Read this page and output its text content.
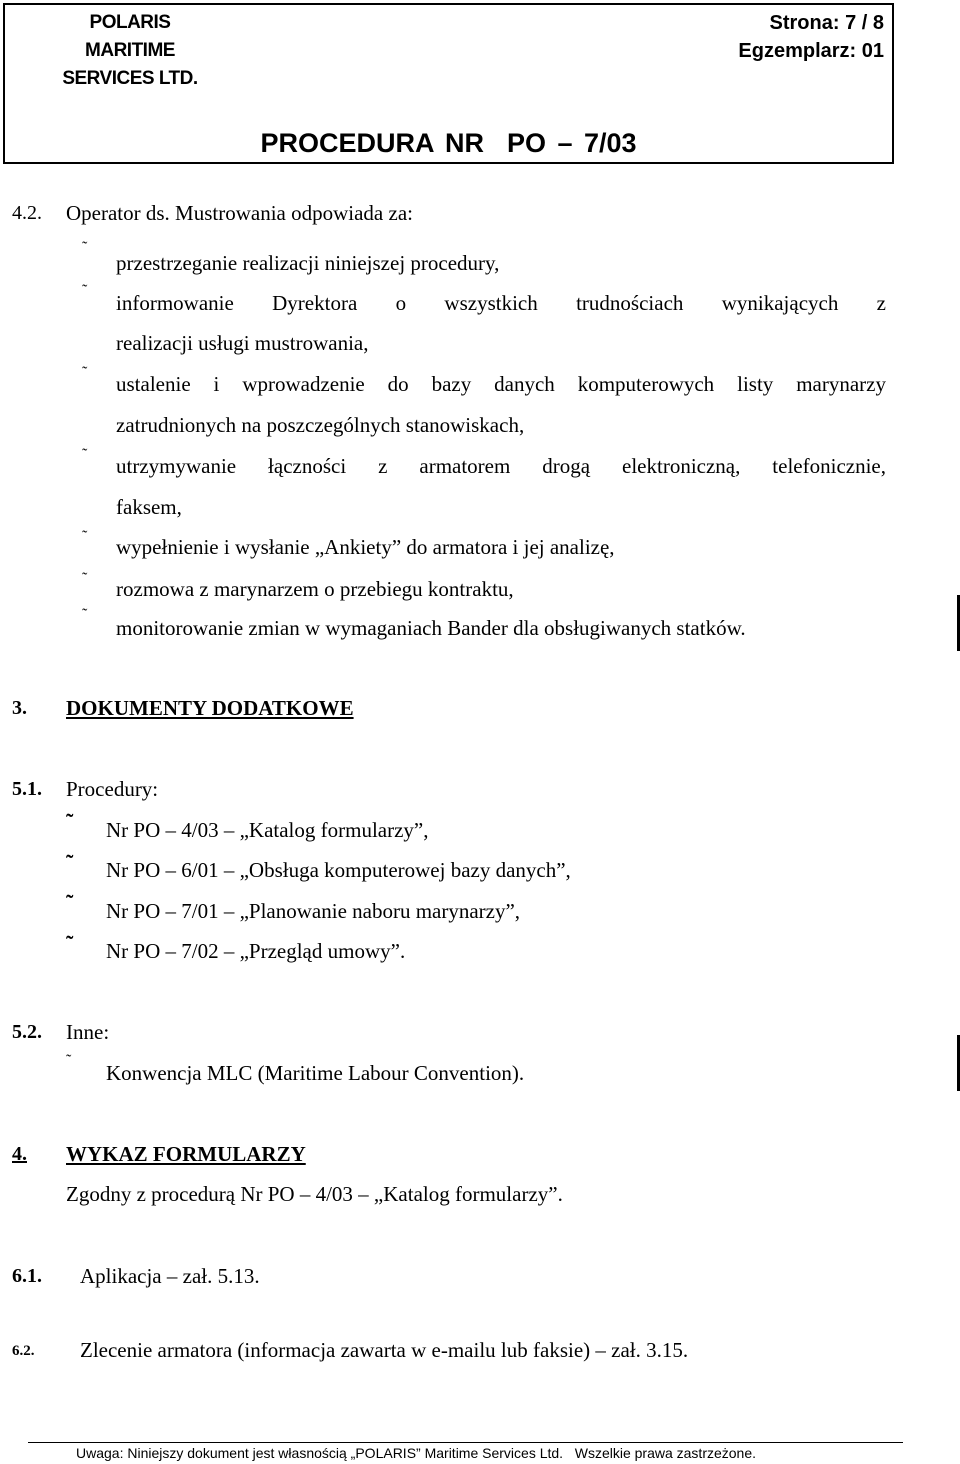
POLARIS
MARITIME
SERVICES LTD.
Strona: 7 / 8
Egzemplarz: 01
PROCEDURA NR  PO – 7/03
4.2. Operator ds. Mustrowania odpowiada za:
˜
przestrzeganie realizacji niniejszej procedury,
˜
informowanie Dyrektora o wszystkich trudnościach wynikających z
realizacji usługi mustrowania,
˜ ustalenie i wprowadzenie do bazy danych komputerowych listy marynarzy
zatrudnionych na poszczególnych stanowiskach,
˜ utrzymywanie łączności z armatorem drogą elektroniczną, telefonicznie,
faksem,
˜ wypełnienie i wysłanie „Ankiety” do armatora i jej analizę,
˜ rozmowa z marynarzem o przebiegu kontraktu,
˜
monitorowanie zmian w wymaganiach Bander dla obsługiwanych statków.
3. DOKUMENTY DODATKOWE
5.1. Procedury:
˜ Nr PO – 4/03 – „Katalog formularzy”,
˜ Nr PO – 6/01 – „Obsługa komputerowej bazy danych”,
˜ Nr PO – 7/01 – „Planowanie naboru marynarzy”,
˜ Nr PO – 7/02 – „Przegląd umowy”.
5.2. Inne:
˜
Konwencja MLC (Maritime Labour Convention).
4. WYKAZ FORMULARZY
Zgodny z procedurą Nr PO – 4/03 – „Katalog formularzy”.
6.1. Aplikacja – zał. 5.13.
6.2. Zlecenie armatora (informacja zawarta w e-mailu lub faksie) – zał. 3.15.
Uwaga: Niniejszy dokument jest własnością „POLARIS” Maritime Services Ltd.   Wszelkie prawa zastrzeżone.
